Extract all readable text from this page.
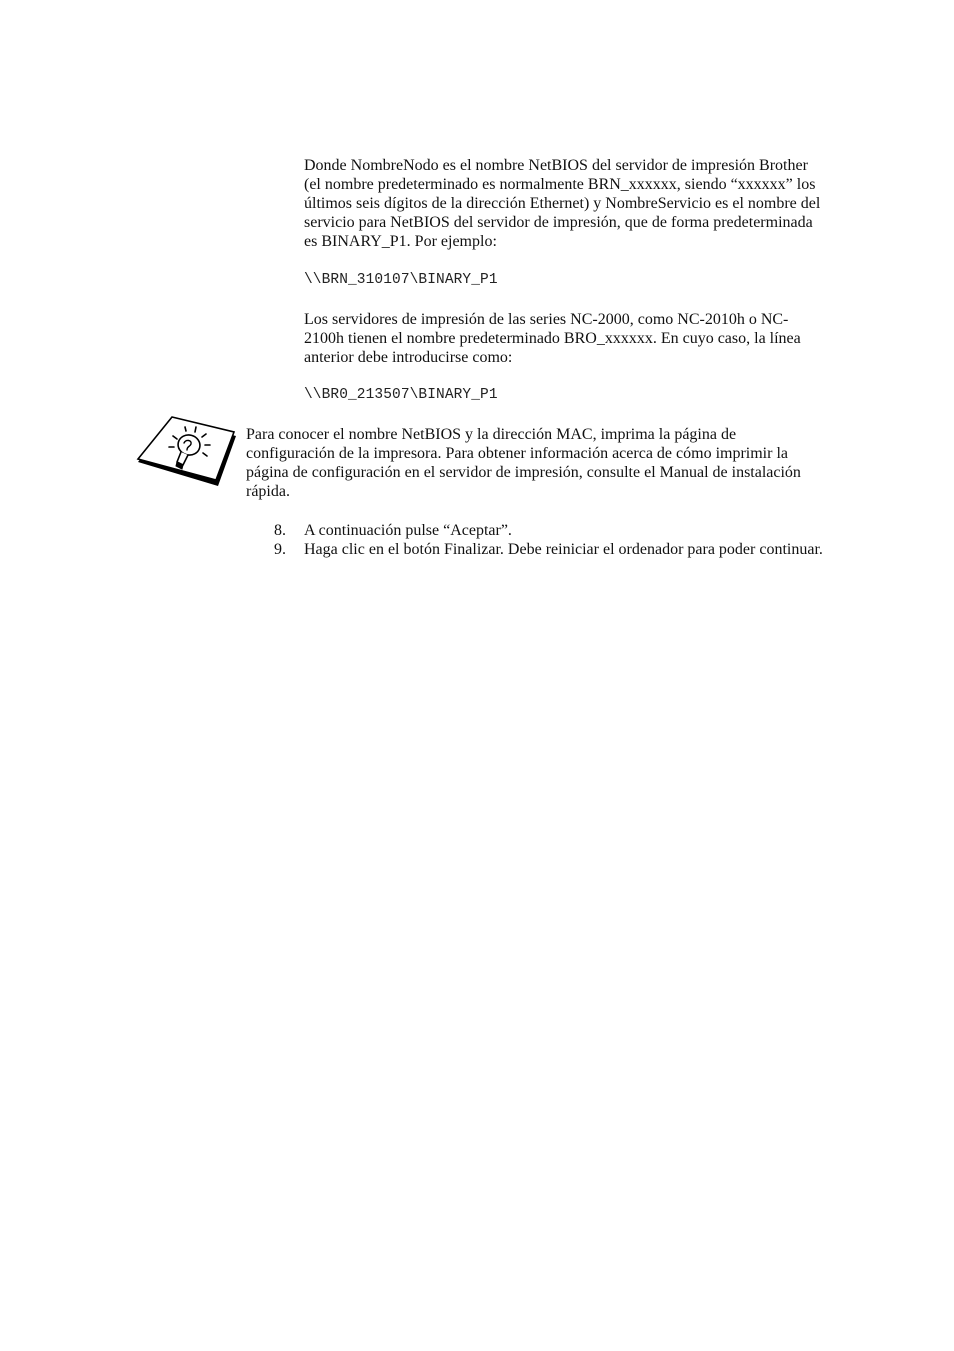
Donde NombreNodo es el nombre NetBIOS del servidor de impresión Brother (el nombre predeterminado es normalmente BRN_xxxxxx, siendo “xxxxxx” los últimos seis dígitos de la dirección Ethernet) y NombreServicio es el nombre del servicio para NetBIOS del servidor de impresión, que de forma predeterminada es BINARY_P1. Por ejemplo:

\\BRN_310107\BINARY_P1

Los servidores de impresión de las series NC-2000, como NC-2010h o NC-2100h tienen el nombre predeterminado BRO_xxxxxx. En cuyo caso, la línea anterior debe introducirse como:

\\BR0_213507\BINARY_P1

Para conocer el nombre NetBIOS y la dirección MAC, imprima la página de configuración de la impresora. Para obtener información acerca de cómo imprimir la página de configuración en el servidor de impresión, consulte el Manual de instalación rápida.

8. A continuación pulse “Aceptar”.
9. Haga clic en el botón Finalizar. Debe reiniciar el ordenador para poder continuar.
